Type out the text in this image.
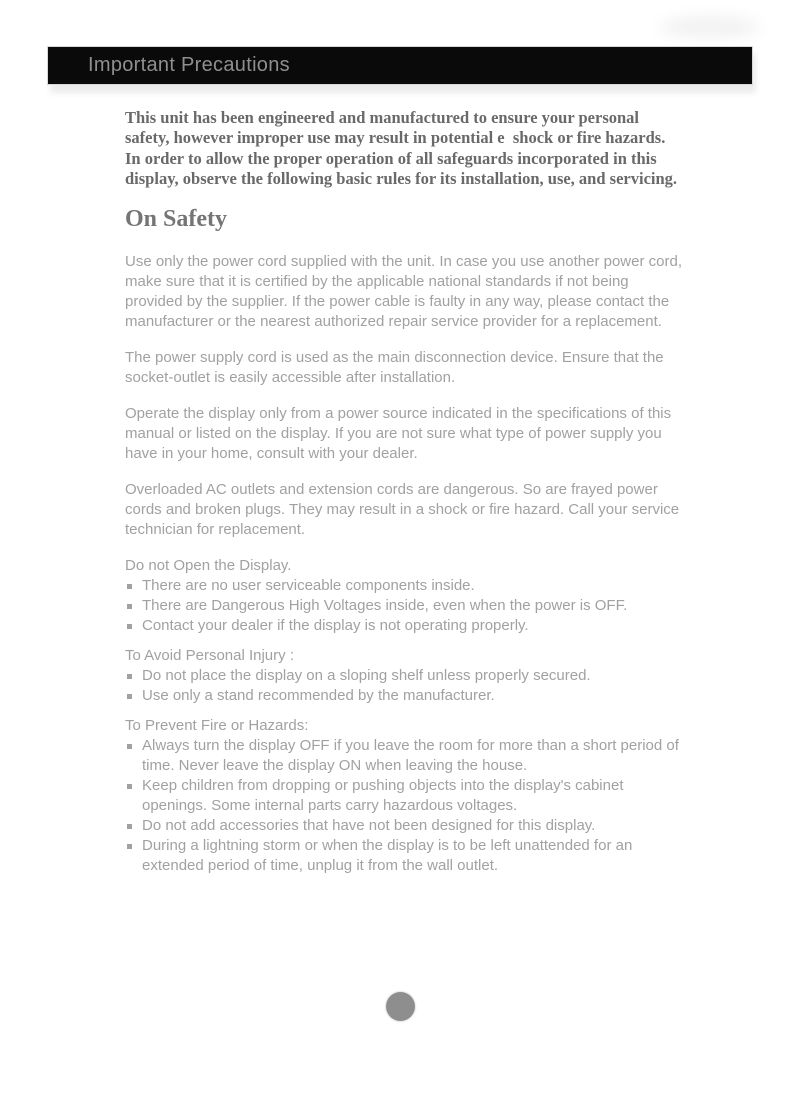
Important Precautions

This unit has been engineered and manufactured to ensure your personal safety, however improper use may result in potential e  shock or fire hazards. In order to allow the proper operation of all safeguards incorporated in this display, observe the following basic rules for its installation, use, and servicing.

On Safety

Use only the power cord supplied with the unit. In case you use another power cord, make sure that it is certified by the applicable national standards if not being provided by the supplier. If the power cable is faulty in any way, please contact the manufacturer or the nearest authorized repair service provider for a replacement.

The power supply cord is used as the main disconnection device. Ensure that the socket-outlet is easily accessible after installation.

Operate the display only from a power source indicated in the specifications of this manual or listed on the display. If you are not sure what type of power supply you have in your home, consult with your dealer.

Overloaded AC outlets and extension cords are dangerous. So are frayed power cords and broken plugs. They may result in a shock or fire hazard. Call your service technician for replacement.

Do not Open the Display.

There are no user serviceable components inside.
There are Dangerous High Voltages inside, even when the power is OFF.
Contact your dealer if the display is not operating properly.

To Avoid Personal Injury :

Do not place the display on a sloping shelf unless properly secured.
Use only a stand recommended by the manufacturer.

To Prevent Fire or Hazards:

Always turn the display OFF if you leave the room for more than a short period of time. Never leave the display ON when leaving the house.
Keep children from dropping or pushing objects into the display's cabinet openings. Some internal parts carry hazardous voltages.
Do not add accessories that have not been designed for this display.
During a lightning storm or when the display is to be left unattended for an extended period of time, unplug it from the wall outlet.
